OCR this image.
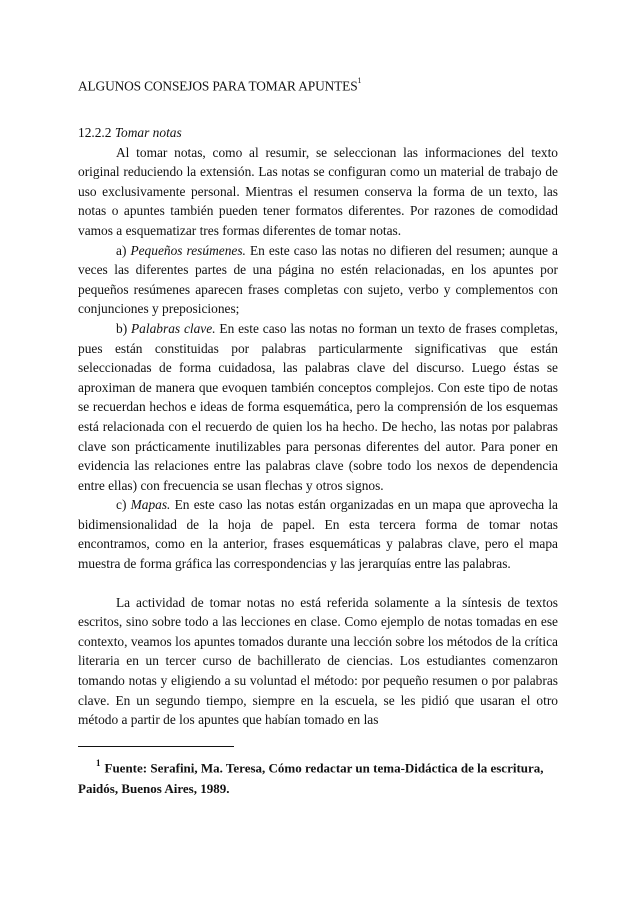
ALGUNOS CONSEJOS PARA TOMAR APUNTES$^1$

12.2.2 Tomar notas

Al tomar notas, como al resumir, se seleccionan las informaciones del texto original reduciendo la extensión. Las notas se configuran como un material de trabajo de uso exclusivamente personal. Mientras el resumen conserva la forma de un texto, las notas o apuntes también pueden tener formatos diferentes. Por razones de comodidad vamos a esquematizar tres formas diferentes de tomar notas.

a) Pequeños resúmenes. En este caso las notas no difieren del resumen; aunque a veces las diferentes partes de una página no estén relacionadas, en los apuntes por pequeños resúmenes aparecen frases completas con sujeto, verbo y complementos con conjunciones y preposiciones;

b) Palabras clave. En este caso las notas no forman un texto de frases completas, pues están constituidas por palabras particularmente significativas que están seleccionadas de forma cuidadosa, las palabras clave del discurso. Luego éstas se aproximan de manera que evoquen también conceptos complejos. Con este tipo de notas se recuerdan hechos e ideas de forma esquemática, pero la comprensión de los esquemas está relacionada con el recuerdo de quien los ha hecho. De hecho, las notas por palabras clave son prácticamente inutilizables para personas diferentes del autor. Para poner en evidencia las relaciones entre las palabras clave (sobre todo los nexos de dependencia entre ellas) con frecuencia se usan flechas y otros signos.

c) Mapas. En este caso las notas están organizadas en un mapa que aprovecha la bidimensionalidad de la hoja de papel. En esta tercera forma de tomar notas encontramos, como en la anterior, frases esquemáticas y palabras clave, pero el mapa muestra de forma gráfica las correspondencias y las jerarquías entre las palabras.

La actividad de tomar notas no está referida solamente a la síntesis de textos escritos, sino sobre todo a las lecciones en clase. Como ejemplo de notas tomadas en ese contexto, veamos los apuntes tomados durante una lección sobre los métodos de la crítica literaria en un tercer curso de bachillerato de ciencias. Los estudiantes comenzaron tomando notas y eligiendo a su voluntad el método: por pequeño resumen o por palabras clave. En un segundo tiempo, siempre en la escuela, se les pidió que usaran el otro método a partir de los apuntes que habían tomado en las

$^1$ Fuente: Serafini, Ma. Teresa, Cómo redactar un tema-Didáctica de la escritura, Paidós, Buenos Aires, 1989.
